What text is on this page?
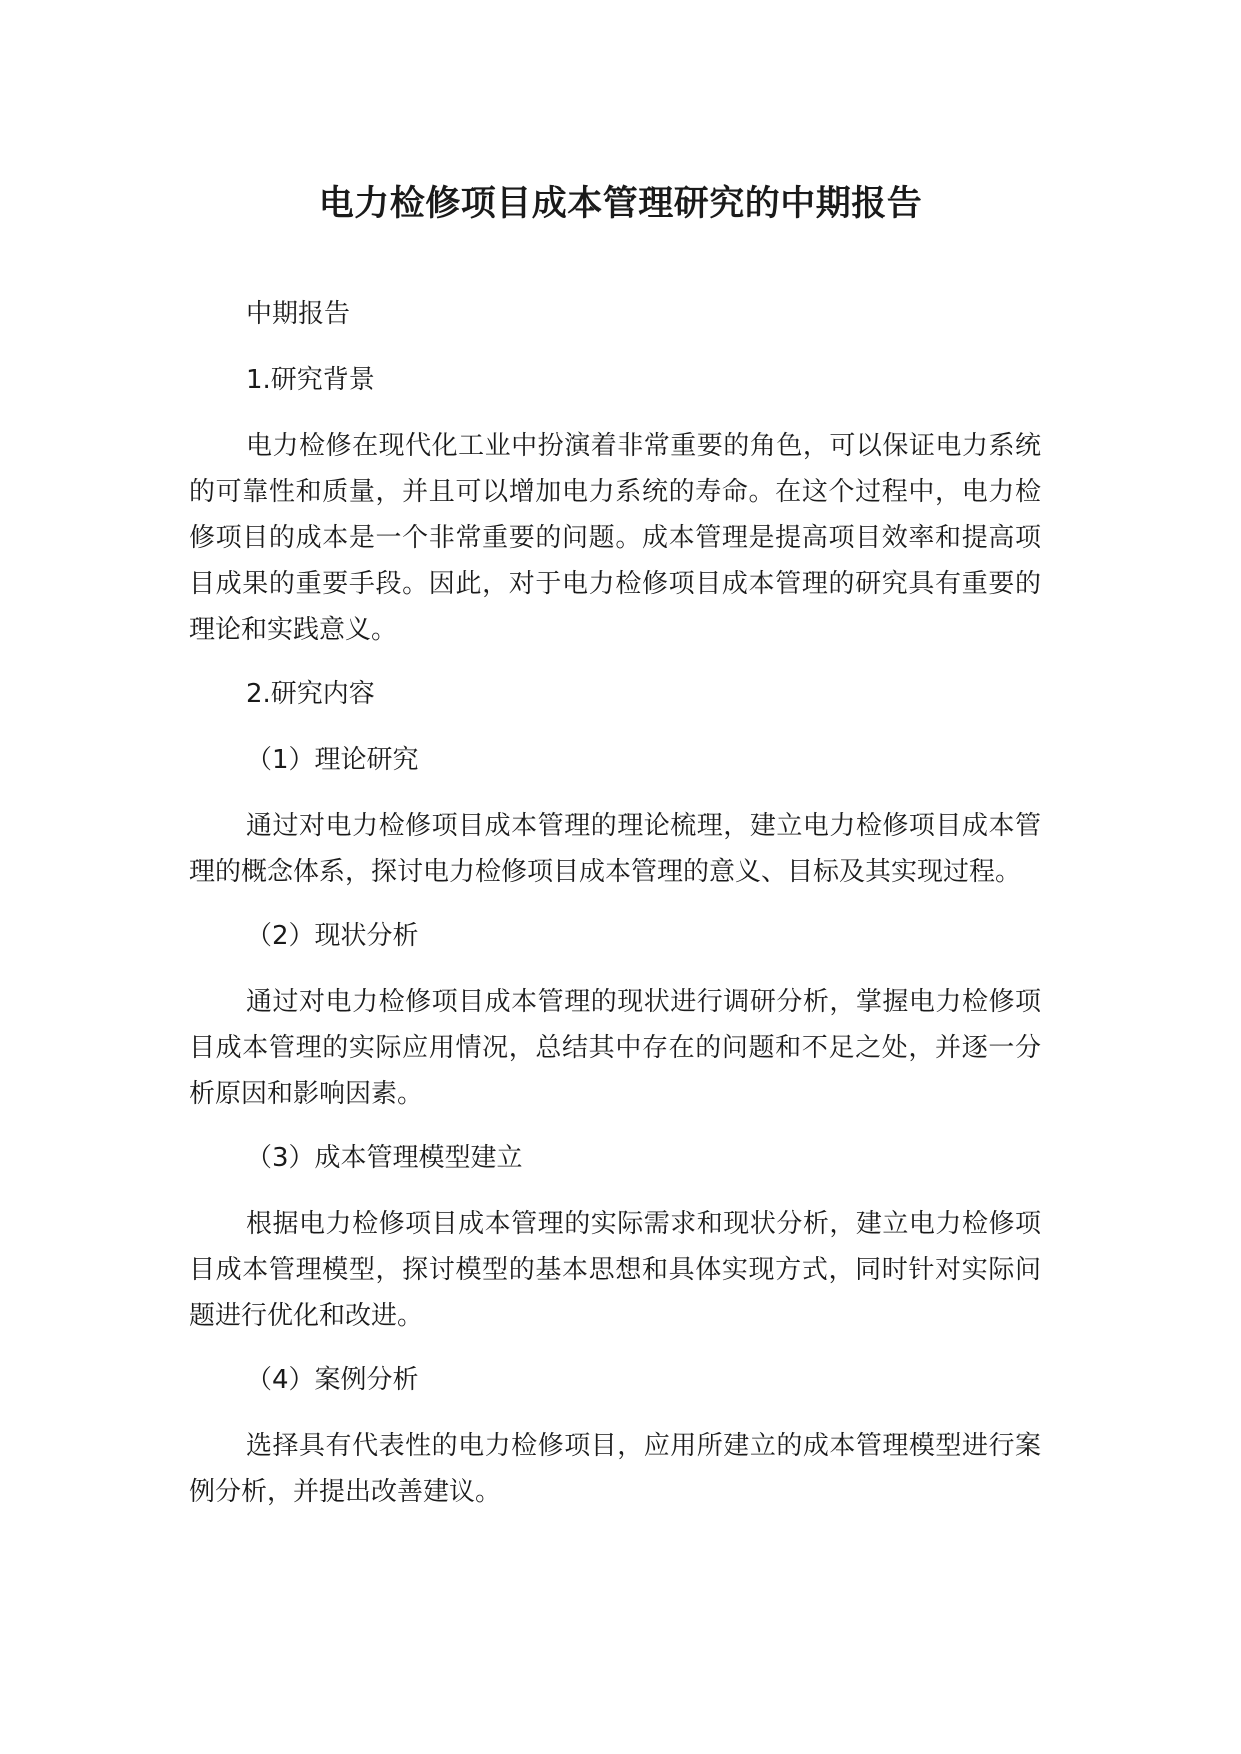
电力检修项目成本管理研究的中期报告
中期报告
1.研究背景
电力检修在现代化工业中扮演着非常重要的角色，可以保证电力系统的可靠性和质量，并且可以增加电力系统的寿命。在这个过程中，电力检修项目的成本是一个非常重要的问题。成本管理是提高项目效率和提高项目成果的重要手段。因此，对于电力检修项目成本管理的研究具有重要的理论和实践意义。
2.研究内容
（1）理论研究
通过对电力检修项目成本管理的理论梳理，建立电力检修项目成本管理的概念体系，探讨电力检修项目成本管理的意义、目标及其实现过程。
（2）现状分析
通过对电力检修项目成本管理的现状进行调研分析，掌握电力检修项目成本管理的实际应用情况，总结其中存在的问题和不足之处，并逐一分析原因和影响因素。
（3）成本管理模型建立
根据电力检修项目成本管理的实际需求和现状分析，建立电力检修项目成本管理模型，探讨模型的基本思想和具体实现方式，同时针对实际问题进行优化和改进。
（4）案例分析
选择具有代表性的电力检修项目，应用所建立的成本管理模型进行案例分析，并提出改善建议。
